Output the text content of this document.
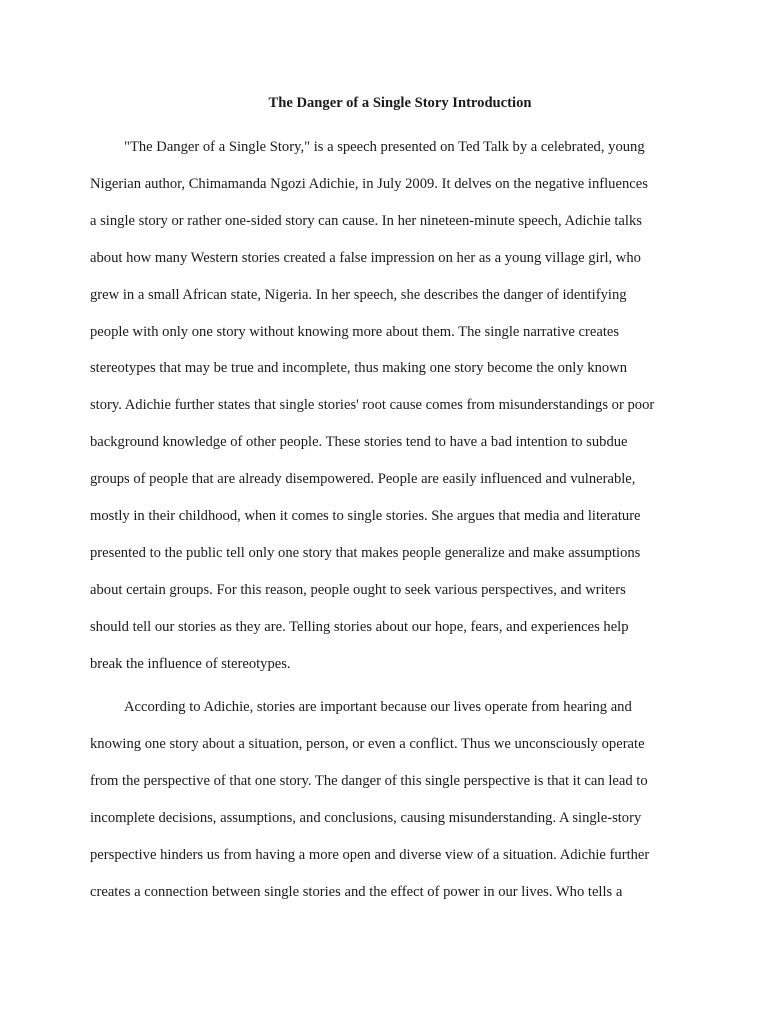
The Danger of a Single Story Introduction
"The Danger of a Single Story," is a speech presented on Ted Talk by a celebrated, young
Nigerian author, Chimamanda Ngozi Adichie, in July 2009. It delves on the negative influences
a single story or rather one-sided story can cause. In her nineteen-minute speech, Adichie talks
about how many Western stories created a false impression on her as a young village girl, who
grew in a small African state, Nigeria. In her speech, she describes the danger of identifying
people with only one story without knowing more about them. The single narrative creates
stereotypes that may be true and incomplete, thus making one story become the only known
story. Adichie further states that single stories' root cause comes from misunderstandings or poor
background knowledge of other people. These stories tend to have a bad intention to subdue
groups of people that are already disempowered. People are easily influenced and vulnerable,
mostly in their childhood, when it comes to single stories. She argues that media and literature
presented to the public tell only one story that makes people generalize and make assumptions
about certain groups. For this reason, people ought to seek various perspectives, and writers
should tell our stories as they are. Telling stories about our hope, fears, and experiences help
break the influence of stereotypes.
According to Adichie, stories are important because our lives operate from hearing and
knowing one story about a situation, person, or even a conflict. Thus we unconsciously operate
from the perspective of that one story. The danger of this single perspective is that it can lead to
incomplete decisions, assumptions, and conclusions, causing misunderstanding. A single-story
perspective hinders us from having a more open and diverse view of a situation. Adichie further
creates a connection between single stories and the effect of power in our lives. Who tells a
